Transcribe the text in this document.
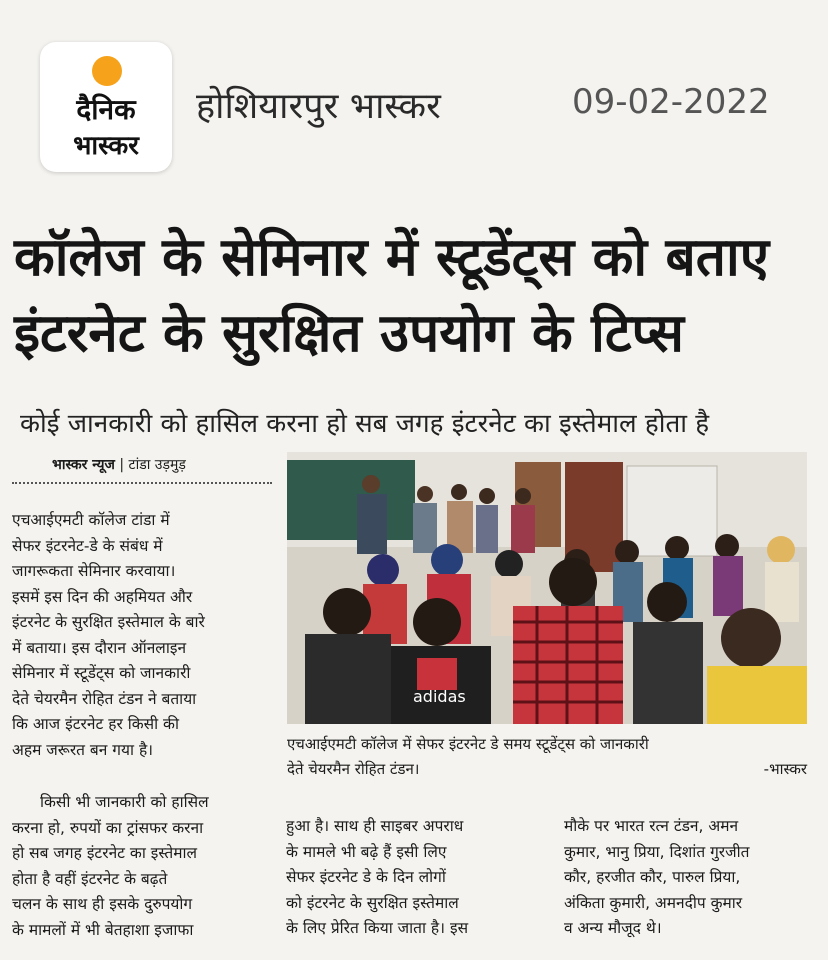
दैनिक
भास्कर
होशियारपुर भास्कर	09-02-2022
कॉलेज के सेमिनार में स्टूडेंट्स को बताए
इंटरनेट के सुरक्षित उपयोग के टिप्स
कोई जानकारी को हासिल करना हो सब जगह इंटरनेट का इस्तेमाल होता है
भास्कर न्यूज | टांडा उड़मुड़
एचआईएमटी कॉलेज टांडा में
सेफर इंटरनेट-डे के संबंध में
जागरूकता सेमिनार करवाया।
इसमें इस दिन की अहमियत और
इंटरनेट के सुरक्षित इस्तेमाल के बारे
में बताया। इस दौरान ऑनलाइन
सेमिनार में स्टूडेंट्स को जानकारी
देते चेयरमैन रोहित टंडन ने बताया
कि आज इंटरनेट हर किसी की
अहम जरूरत बन गया है।
किसी भी जानकारी को हासिल
करना हो, रुपयों का ट्रांसफर करना
हो सब जगह इंटरनेट का इस्तेमाल
होता है वहीं इंटरनेट के बढ़ते
चलन के साथ ही इसके दुरुपयोग
के मामलों में भी बेतहाशा इजाफा
हुआ है। साथ ही साइबर अपराध
के मामले भी बढ़े हैं इसी लिए
सेफर इंटरनेट डे के दिन लोगों
को इंटरनेट के सुरक्षित इस्तेमाल
के लिए प्रेरित किया जाता है। इस
मौके पर भारत रत्न टंडन, अमन
कुमार, भानु प्रिया, दिशांत गुरजीत
कौर, हरजीत कौर, पारुल प्रिया,
अंकिता कुमारी, अमनदीप कुमार
व अन्य मौजूद थे।
adidas
एचआईएमटी कॉलेज में सेफर इंटरनेट डे समय स्टूडेंट्स को जानकारी
देते चेयरमैन रोहित टंडन।	-भास्कर
